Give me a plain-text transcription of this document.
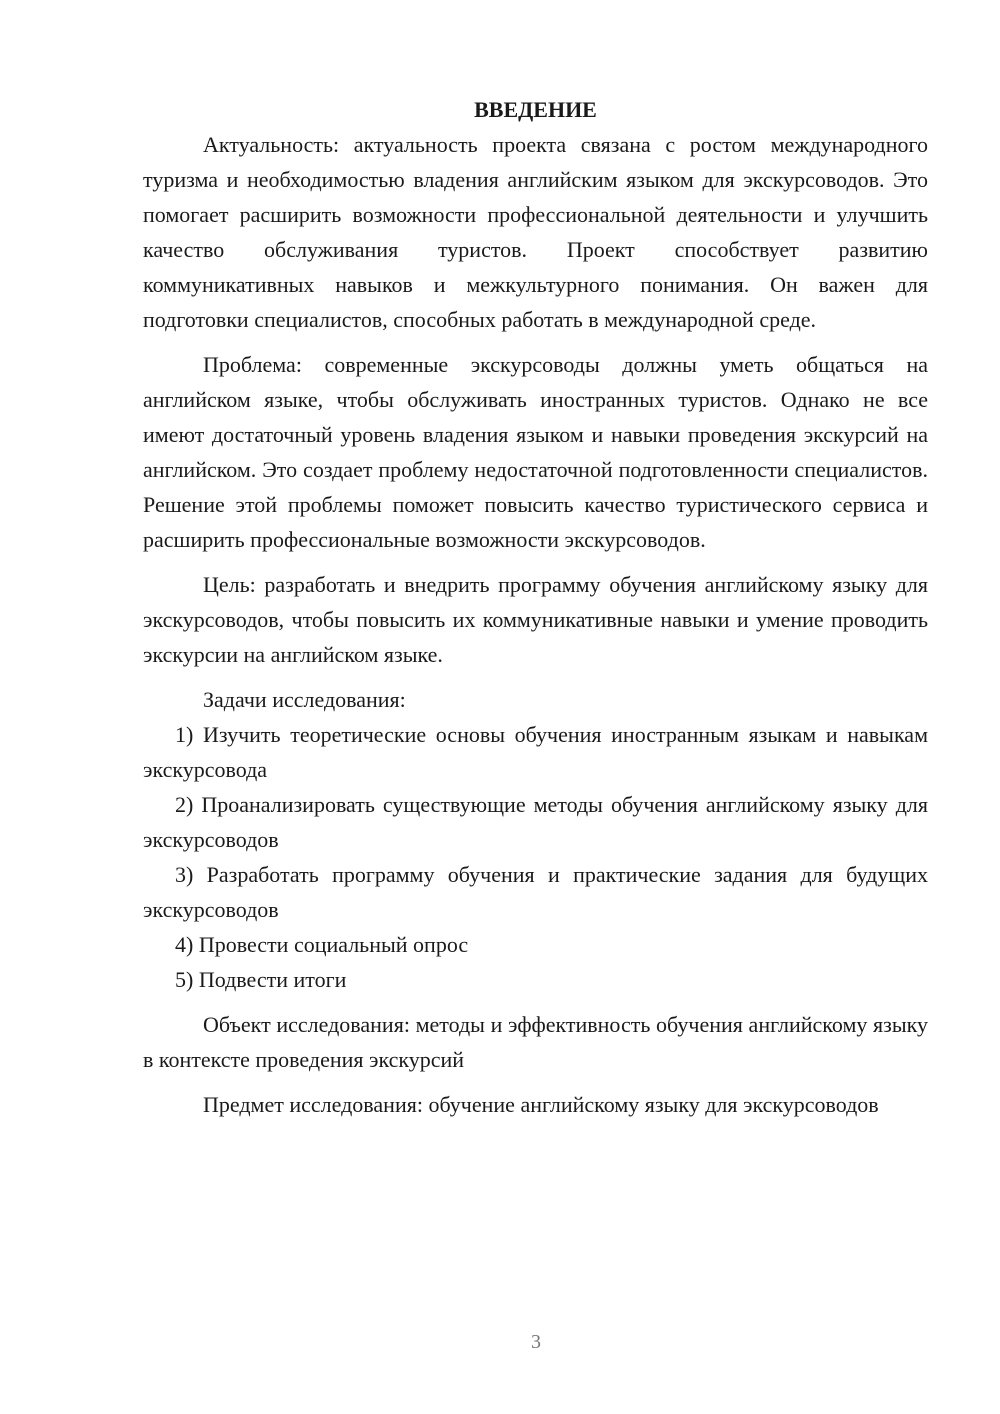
ВВЕДЕНИЕ

Актуальность: актуальность проекта связана с ростом международного туризма и необходимостью владения английским языком для экскурсоводов. Это помогает расширить возможности профессиональной деятельности и улучшить качество обслуживания туристов. Проект способствует развитию коммуникативных навыков и межкультурного понимания. Он важен для подготовки специалистов, способных работать в международной среде.

Проблема: современные экскурсоводы должны уметь общаться на английском языке, чтобы обслуживать иностранных туристов. Однако не все имеют достаточный уровень владения языком и навыки проведения экскурсий на английском. Это создает проблему недостаточной подготовленности специалистов. Решение этой проблемы поможет повысить качество туристического сервиса и расширить профессиональные возможности экскурсоводов.

Цель: разработать и внедрить программу обучения английскому языку для экскурсоводов, чтобы повысить их коммуникативные навыки и умение проводить экскурсии на английском языке.

Задачи исследования:

1) Изучить теоретические основы обучения иностранным языкам и навыкам экскурсовода

2) Проанализировать существующие методы обучения английскому языку для экскурсоводов

3) Разработать программу обучения и практические задания для будущих экскурсоводов

4) Провести социальный опрос

5) Подвести итоги

Объект исследования: методы и эффективность обучения английскому языку в контексте проведения экскурсий

Предмет исследования: обучение английскому языку для экскурсоводов

3
